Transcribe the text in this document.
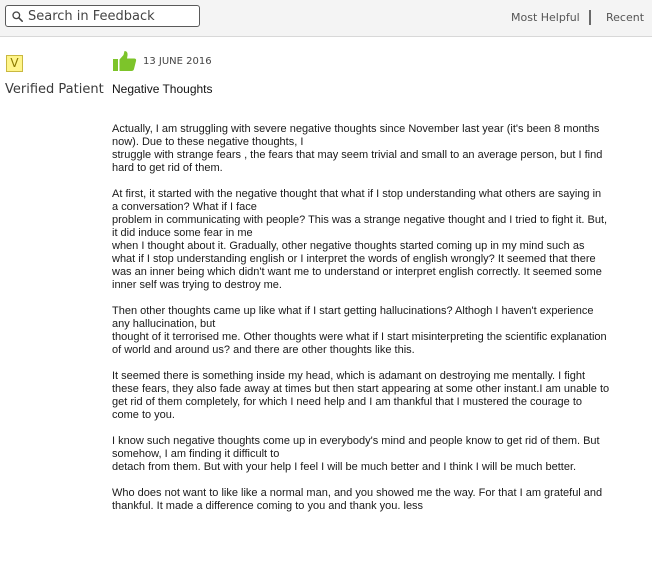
Search in Feedback
Most Helpful Recent
V
Verified Patient
13 JUNE 2016
Negative Thoughts

Actually, I am struggling with severe negative thoughts since November last year (it's been 8 months
now). Due to these negative thoughts, I
struggle with strange fears , the fears that may seem trivial and small to an average person, but I find
hard to get rid of them.

At first, it started with the negative thought that what if I stop understanding what others are saying in
a conversation? What if I face
problem in communicating with people? This was a strange negative thought and I tried to fight it. But,
it did induce some fear in me
when I thought about it. Gradually, other negative thoughts started coming up in my mind such as
what if I stop understanding english or I interpret the words of english wrongly? It seemed that there
was an inner being which didn't want me to understand or interpret english correctly. It seemed some
inner self was trying to destroy me.

Then other thoughts came up like what if I start getting hallucinations? Althogh I haven't experience
any hallucination, but
thought of it terrorised me. Other thoughts were what if I start misinterpreting the scientific explanation
of world and around us? and there are other thoughts like this.

It seemed there is something inside my head, which is adamant on destroying me mentally. I fight
these fears, they also fade away at times but then start appearing at some other instant.I am unable to
get rid of them completely, for which I need help and I am thankful that I mustered the courage to
come to you.

I know such negative thoughts come up in everybody's mind and people know to get rid of them. But
somehow, I am finding it difficult to
detach from them. But with your help I feel I will be much better and I think I will be much better.

Who does not want to like like a normal man, and you showed me the way. For that I am grateful and
thankful. It made a difference coming to you and thank you. less
